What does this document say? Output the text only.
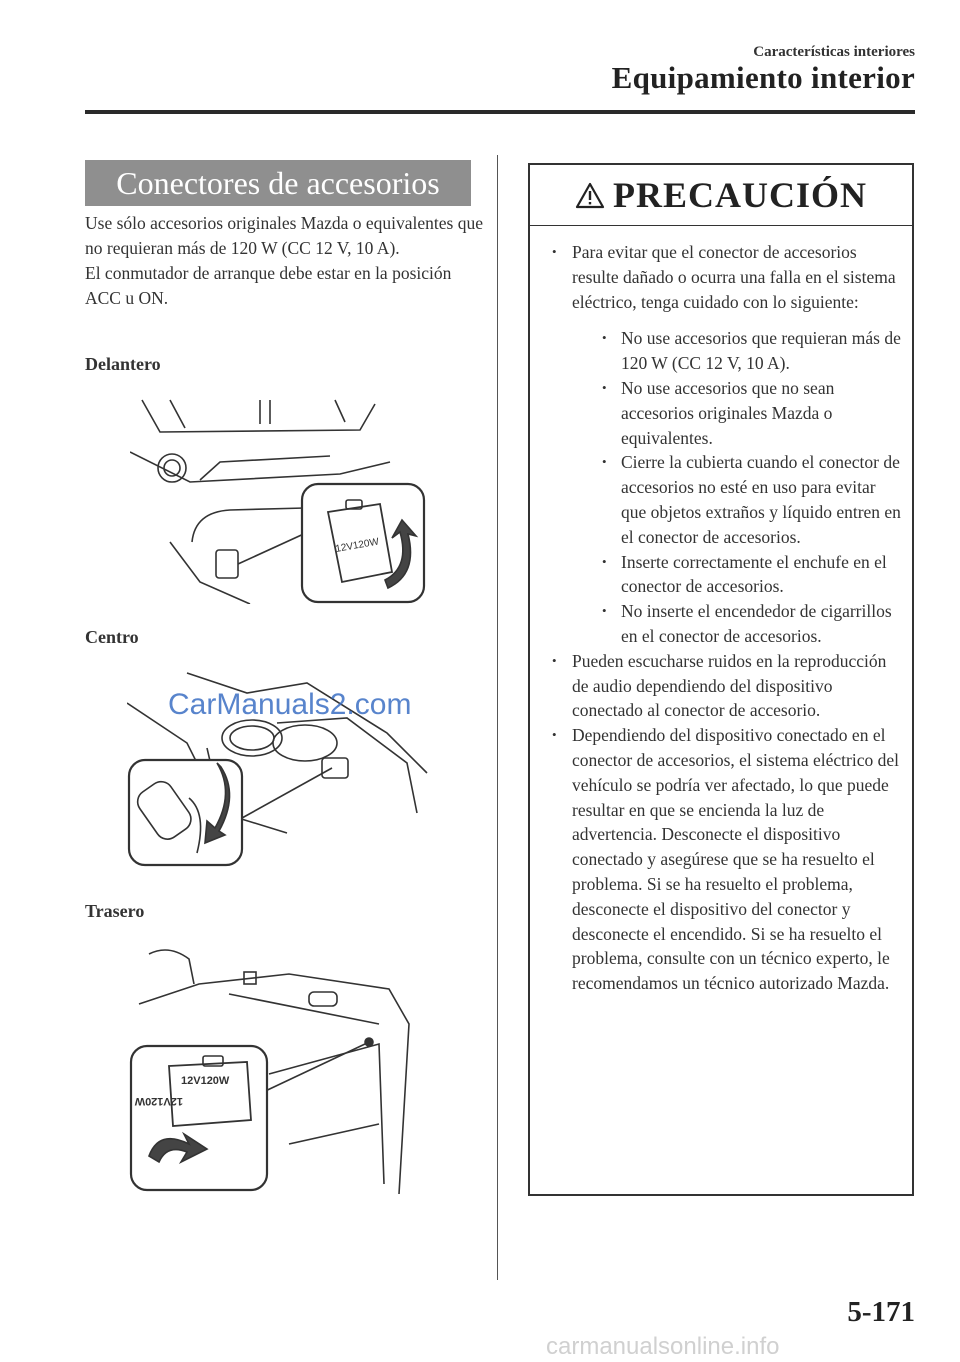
Características interiores
Equipamiento interior
Conectores de accesorios

Use sólo accesorios originales Mazda o equivalentes que no requieran más de 120 W (CC 12 V, 10 A).

El conmutador de arranque debe estar en la posición ACC u ON.

Delantero
12V120W
Centro
CarManuals2.com
Trasero
12V120W
12V120W
PRECAUCIÓN
• Para evitar que el conector de accesorios resulte dañado o ocurra una falla en el sistema eléctrico, tenga cuidado con lo siguiente:
• No use accesorios que requieran más de 120 W (CC 12 V, 10 A).
• No use accesorios que no sean accesorios originales Mazda o equivalentes.
• Cierre la cubierta cuando el conector de accesorios no esté en uso para evitar que objetos extraños y líquido entren en el conector de accesorios.
• Inserte correctamente el enchufe en el conector de accesorios.
• No inserte el encendedor de cigarrillos en el conector de accesorios.
• Pueden escucharse ruidos en la reproducción de audio dependiendo del dispositivo conectado al conector de accesorio.
• Dependiendo del dispositivo conectado en el conector de accesorios, el sistema eléctrico del vehículo se podría ver afectado, lo que puede resultar en que se encienda la luz de advertencia. Desconecte el dispositivo conectado y asegúrese que se ha resuelto el problema. Si se ha resuelto el problema, desconecte el dispositivo del conector y desconecte el encendido. Si se ha resuelto el problema, consulte con un técnico experto, le recomendamos un técnico autorizado Mazda.
5-171
carmanualsonline.info
